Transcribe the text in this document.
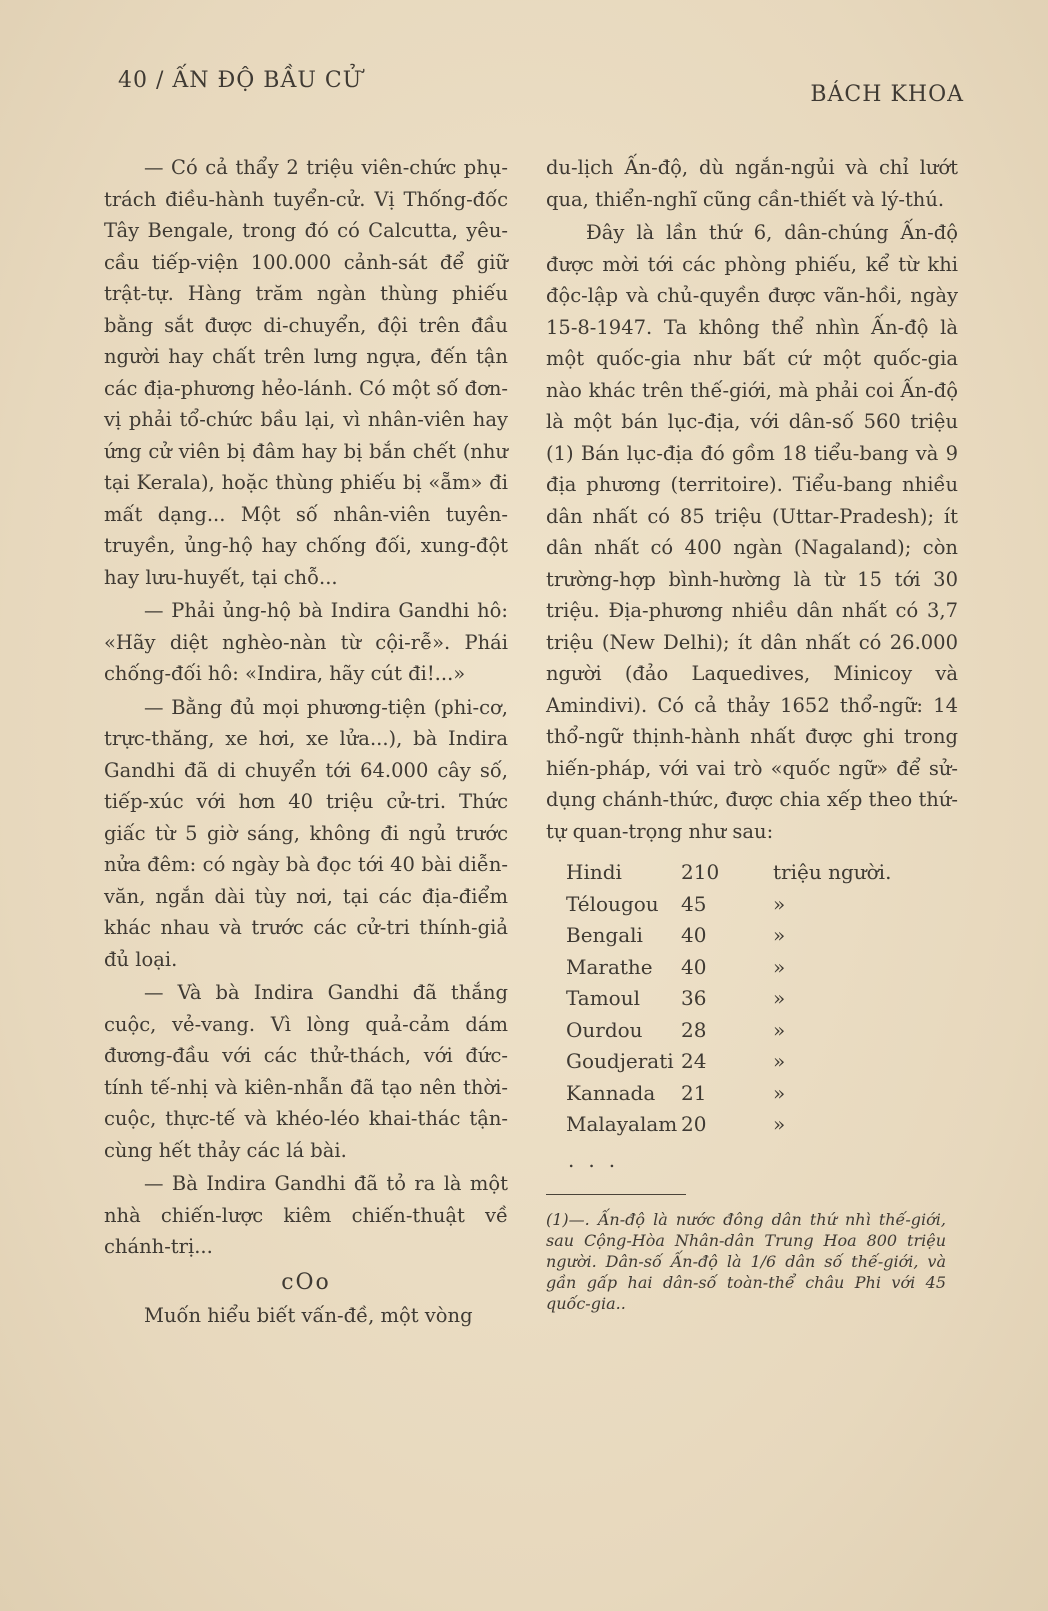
40 / ẤN ĐỘ BẦU CỬ
BÁCH KHOA

— Có cả thẩy 2 triệu viên-chức phụ-trách điều-hành tuyển-cử. Vị Thống-đốc Tây Bengale, trong đó có Calcutta, yêu-cầu tiếp-viện 100.000 cảnh-sát để giữ trật-tự. Hàng trăm ngàn thùng phiếu bằng sắt được di-chuyển, đội trên đầu người hay chất trên lưng ngựa, đến tận các địa-phương hẻo-lánh. Có một số đơn-vị phải tổ-chức bầu lại, vì nhân-viên hay ứng cử viên bị đâm hay bị bắn chết (như tại Kerala), hoặc thùng phiếu bị «ẵm» đi mất dạng... Một số nhân-viên tuyên-truyền, ủng-hộ hay chống đối, xung-đột hay lưu-huyết, tại chỗ...

— Phải ủng-hộ bà Indira Gandhi hô: «Hãy diệt nghèo-nàn từ cội-rễ». Phái chống-đối hô: «Indira, hãy cút đi!...»

— Bằng đủ mọi phương-tiện (phi-cơ, trực-thăng, xe hơi, xe lửa...), bà Indira Gandhi đã di chuyển tới 64.000 cây số, tiếp-xúc với hơn 40 triệu cử-tri. Thức giấc từ 5 giờ sáng, không đi ngủ trước nửa đêm: có ngày bà đọc tới 40 bài diễn-văn, ngắn dài tùy nơi, tại các địa-điểm khác nhau và trước các cử-tri thính-giả đủ loại.

— Và bà Indira Gandhi đã thắng cuộc, vẻ-vang. Vì lòng quả-cảm dám đương-đầu với các thử-thách, với đức-tính tế-nhị và kiên-nhẫn đã tạo nên thời-cuộc, thực-tế và khéo-léo khai-thác tận-cùng hết thảy các lá bài.

— Bà Indira Gandhi đã tỏ ra là một nhà chiến-lược kiêm chiến-thuật về chánh-trị...

cOo

Muốn hiểu biết vấn-đề, một vòng

du-lịch Ấn-độ, dù ngắn-ngủi và chỉ lướt qua, thiển-nghĩ cũng cần-thiết và lý-thú.

Đây là lần thứ 6, dân-chúng Ấn-độ được mời tới các phòng phiếu, kể từ khi độc-lập và chủ-quyền được vãn-hồi, ngày 15-8-1947. Ta không thể nhìn Ấn-độ là một quốc-gia như bất cứ một quốc-gia nào khác trên thế-giới, mà phải coi Ấn-độ là một bán lục-địa, với dân-số 560 triệu (1) Bán lục-địa đó gồm 18 tiểu-bang và 9 địa phương (territoire). Tiểu-bang nhiều dân nhất có 85 triệu (Uttar-Pradesh); ít dân nhất có 400 ngàn (Nagaland); còn trường-hợp bình-hường là từ 15 tới 30 triệu. Địa-phương nhiều dân nhất có 3,7 triệu (New Delhi); ít dân nhất có 26.000 người (đảo Laquedives, Minicoy và Amindivi). Có cả thảy 1652 thổ-ngữ: 14 thổ-ngữ thịnh-hành nhất được ghi trong hiến-pháp, với vai trò «quốc ngữ» để sử-dụng chánh-thức, được chia xếp theo thứ-tự quan-trọng như sau:

Hindi	210	triệu người.
Télougou	45	»
Bengali	40	»
Marathe	40	»
Tamoul	36	»
Ourdou	28	»
Goudjerati	24	»
Kannada	21	»
Malayalam	20	»
...
(1)—. Ấn-độ là nước đông dân thứ nhì thế-giới, sau Cộng-Hòa Nhân-dân Trung Hoa 800 triệu người. Dân-số Ấn-độ là 1/6 dân số thế-giới, và gần gấp hai dân-số toàn-thể châu Phi với 45 quốc-gia..
